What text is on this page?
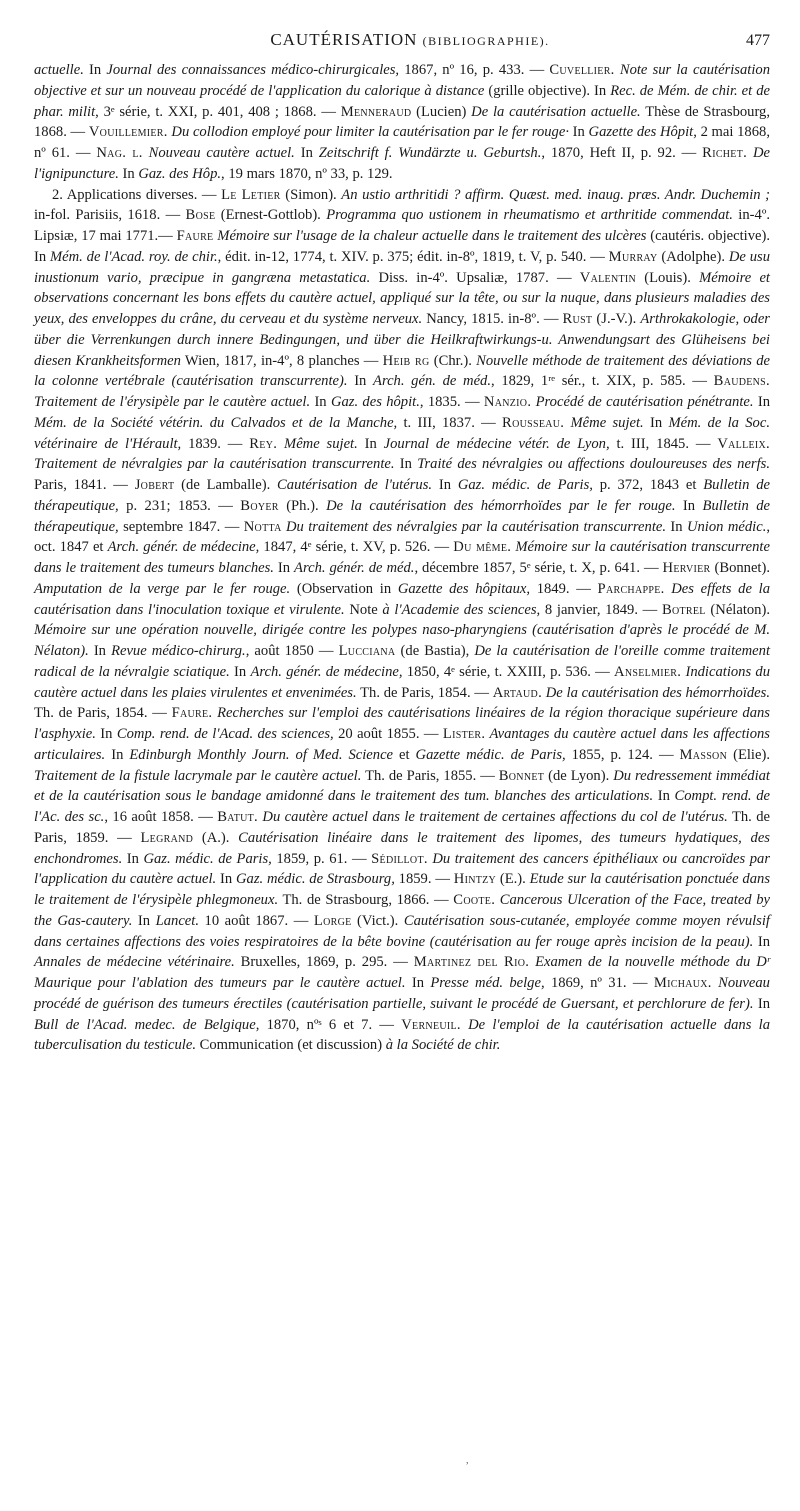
CAUTÉRISATION (BIBLIOGRAPHIE).	477

actuelle. In Journal des connaissances médico-chirurgicales, 1867, nº 16, p. 433. — Cuvellier. Note sur la cautérisation objective et sur un nouveau procédé de l'application du calorique à distance (grille objective). In Rec. de Mém. de chir. et de phar. milit, 3ᵉ série, t. XXI, p. 401, 408 ; 1868. — Menneraud (Lucien) De la cautérisation actuelle. Thèse de Strasbourg, 1868. — Vouillemier. Du collodion employé pour limiter la cautérisation par le fer rouge· In Gazette des Hôpit, 2 mai 1868, nº 61. — Nag. l. Nouveau cautère actuel. In Zeitschrift f. Wundärzte u. Geburtsh., 1870, Heft II, p. 92. — Richet. De l'ignipuncture. In Gaz. des Hôp., 19 mars 1870, nº 33, p. 129.

2. Applications diverses. — Le Letier (Simon). An ustio arthritidi ? affirm. Quæst. med. inaug. præs. Andr. Duchemin ; in-fol. Parisiis, 1618. — Bose (Ernest-Gottlob). Programma quo ustionem in rheumatismo et arthritide commendat. in-4º. Lipsiæ, 17 mai 1771.— Faure Mémoire sur l'usage de la chaleur actuelle dans le traitement des ulcères (cautéris. objective). In Mém. de l'Acad. roy. de chir., édit. in-12, 1774, t. XIV. p. 375; édit. in-8º, 1819, t. V, p. 540. — Murray (Adolphe). De usu inustionum vario, præcipue in gangræna metastatica. Diss. in-4º. Upsaliæ, 1787. — Valentin (Louis). Mémoire et observations concernant les bons effets du cautère actuel, appliqué sur la tête, ou sur la nuque, dans plusieurs maladies des yeux, des enveloppes du crâne, du cerveau et du système nerveux. Nancy, 1815. in-8º. — Rust (J.-V.). Arthrokakologie, oder über die Verrenkungen durch innere Bedingungen, und über die Heilkraftwirkungs-u. Anwendungsart des Glüheisens bei diesen Krankheitsformen Wien, 1817, in-4º, 8 planches — Heib rg (Chr.). Nouvelle méthode de traitement des déviations de la colonne vertébrale (cautérisation transcurrente). In Arch. gén. de méd., 1829, 1ʳᵉ sér., t. XIX, p. 585. — Baudens. Traitement de l'érysipèle par le cautère actuel. In Gaz. des hôpit., 1835. — Nanzio. Procédé de cautérisation pénétrante. In Mém. de la Société vétérin. du Calvados et de la Manche, t. III, 1837. — Rousseau. Même sujet. In Mém. de la Soc. vétérinaire de l'Hérault, 1839. — Rey. Même sujet. In Journal de médecine vétér. de Lyon, t. III, 1845. — Valleix. Traitement de névralgies par la cautérisation transcurrente. In Traité des névralgies ou affections douloureuses des nerfs. Paris, 1841. — Jobert (de Lamballe). Cautérisation de l'utérus. In Gaz. médic. de Paris, p. 372, 1843 et Bulletin de thérapeutique, p. 231; 1853. — Boyer (Ph.). De la cautérisation des hémorrhoïdes par le fer rouge. In Bulletin de thérapeutique, septembre 1847. — Notta Du traitement des névralgies par la cautérisation transcurrente. In Union médic., oct. 1847 et Arch. génér. de médecine, 1847, 4ᵉ série, t. XV, p. 526. — Du même. Mémoire sur la cautérisation transcurrente dans le traitement des tumeurs blanches. In Arch. génér. de méd., décembre 1857, 5ᵉ série, t. X, p. 641. — Hervier (Bonnet). Amputation de la verge par le fer rouge. (Observation in Gazette des hôpitaux, 1849. — Parchappe. Des effets de la cautérisation dans l'inoculation toxique et virulente. Note à l'Academie des sciences, 8 janvier, 1849. — Botrel (Nélaton). Mémoire sur une opération nouvelle, dirigée contre les polypes naso-pharyngiens (cautérisation d'après le procédé de M. Nélaton). In Revue médico-chirurg., août 1850 — Lucciana (de Bastia), De la cautérisation de l'oreille comme traitement radical de la névralgie sciatique. In Arch. génér. de médecine, 1850, 4ᵉ série, t. XXIII, p. 536. — Anselmier. Indications du cautère actuel dans les plaies virulentes et envenimées. Th. de Paris, 1854. — Artaud. De la cautérisation des hémorrhoïdes. Th. de Paris, 1854. — Faure. Recherches sur l'emploi des cautérisations linéaires de la région thoracique supérieure dans l'asphyxie. In Comp. rend. de l'Acad. des sciences, 20 août 1855. — Lister. Avantages du cautère actuel dans les affections articulaires. In Edinburgh Monthly Journ. of Med. Science et Gazette médic. de Paris, 1855, p. 124. — Masson (Elie). Traitement de la fistule lacrymale par le cautère actuel. Th. de Paris, 1855. — Bonnet (de Lyon). Du redressement immédiat et de la cautérisation sous le bandage amidonné dans le traitement des tum. blanches des articulations. In Compt. rend. de l'Ac. des sc., 16 août 1858. — Batut. Du cautère actuel dans le traitement de certaines affections du col de l'utérus. Th. de Paris, 1859. — Legrand (A.). Cautérisation linéaire dans le traitement des lipomes, des tumeurs hydatiques, des enchondromes. In Gaz. médic. de Paris, 1859, p. 61. — Sédillot. Du traitement des cancers épithéliaux ou cancroïdes par l'application du cautère actuel. In Gaz. médic. de Strasbourg, 1859. — Hintzy (E.). Etude sur la cautérisation ponctuée dans le traitement de l'érysipèle phlegmoneux. Th. de Strasbourg, 1866. — Coote. Cancerous Ulceration of the Face, treated by the Gas-cautery. In Lancet. 10 août 1867. — Lorge (Vict.). Cautérisation sous-cutanée, employée comme moyen révulsif dans certaines affections des voies respiratoires de la bête bovine (cautérisation au fer rouge après incision de la peau). In Annales de médecine vétérinaire. Bruxelles, 1869, p. 295. — Martinez del Rio. Examen de la nouvelle méthode du Dʳ Maurique pour l'ablation des tumeurs par le cautère actuel. In Presse méd. belge, 1869, nº 31. — Michaux. Nouveau procédé de guérison des tumeurs érectiles (cautérisation partielle, suivant le procédé de Guersant, et perchlorure de fer). In Bull de l'Acad. medec. de Belgique, 1870, nºˢ 6 et 7. — Verneuil. De l'emploi de la cautérisation actuelle dans la tuberculisation du testicule. Communication (et discussion) à la Société de chir.

,
